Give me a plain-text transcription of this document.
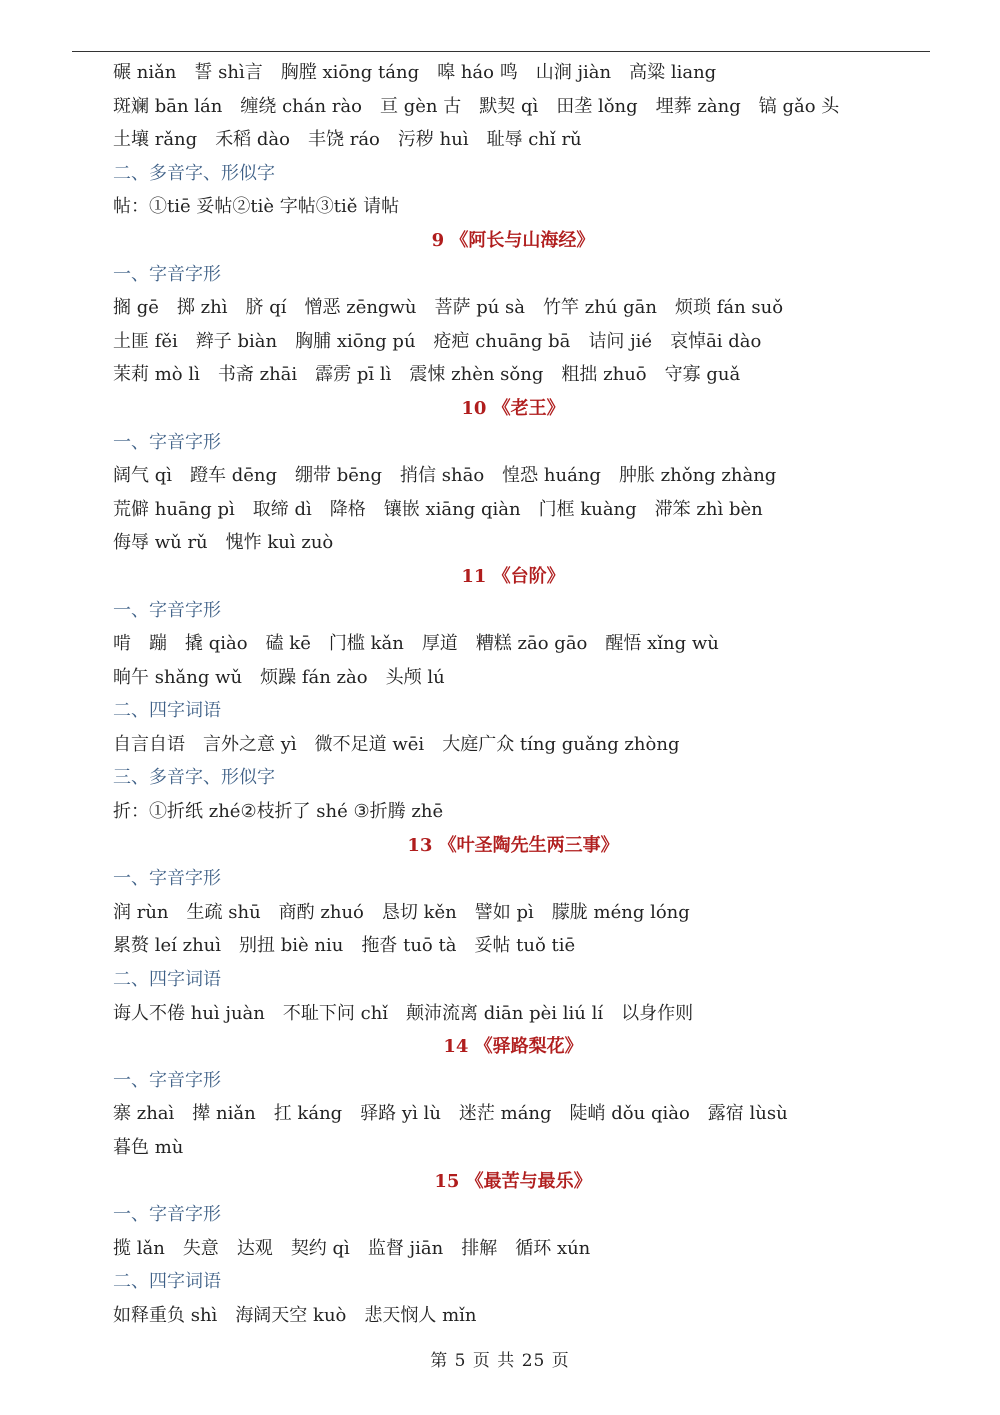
碾 niǎn 誓 shì言 胸膛 xiōng táng 嗥 háo 鸣 山涧 jiàn 高粱 liang
斑斓 bān lán 缠绕 chán rào 亘 gèn 古 默契 qì 田垄 lǒng 埋葬 zàng 镐 gǎo 头
土壤 rǎng 禾稻 dào 丰饶 ráo 污秽 huì 耻辱 chǐ rǔ
二、多音字、形似字
帖：①tiē 妥帖②tiè 字帖③tiě 请帖
9 《阿长与山海经》
一、字音字形
搁 gē 掷 zhì 脐 qí 憎恶 zēngwù 菩萨 pú sà 竹竿 zhú gān 烦琐 fán suǒ
土匪 fěi 辫子 biàn 胸脯 xiōng pú 疮疤 chuāng bā 诘问 jié 哀悼āi dào
茉莉 mò lì 书斋 zhāi 霹雳 pī lì 震悚 zhèn sǒng 粗拙 zhuō 守寡 guǎ
10 《老王》
一、字音字形
阔气 qì 蹬车 dēng 绷带 bēng 捎信 shāo 惶恐 huáng 肿胀 zhǒng zhàng
荒僻 huāng pì 取缔 dì 降格 镶嵌 xiāng qiàn 门框 kuàng 滞笨 zhì bèn
侮辱 wǔ rǔ 愧怍 kuì zuò
11 《台阶》
一、字音字形
啃 蹦 撬 qiào 磕 kē 门槛 kǎn 厚道 糟糕 zāo gāo 醒悟 xǐng wù
晌午 shǎng wǔ 烦躁 fán zào 头颅 lú
二、四字词语
自言自语 言外之意 yì 微不足道 wēi 大庭广众 tíng guǎng zhòng
三、多音字、形似字
折：①折纸 zhé②枝折了 shé ③折腾 zhē
13 《叶圣陶先生两三事》
一、字音字形
润 rùn 生疏 shū 商酌 zhuó 恳切 kěn 譬如 pì 朦胧 méng lóng
累赘 leí zhuì 别扭 biè niu 拖沓 tuō tà 妥帖 tuǒ tiē
二、四字词语
诲人不倦 huì juàn 不耻下问 chǐ 颠沛流离 diān pèi liú lí 以身作则
14 《驿路梨花》
一、字音字形
寨 zhaì 撵 niǎn 扛 káng 驿路 yì lù 迷茫 máng 陡峭 dǒu qiào 露宿 lùsù
暮色 mù
15 《最苦与最乐》
一、字音字形
揽 lǎn 失意 达观 契约 qì 监督 jiān 排解 循环 xún
二、四字词语
如释重负 shì 海阔天空 kuò 悲天悯人 mǐn
第 5 页 共 25 页
